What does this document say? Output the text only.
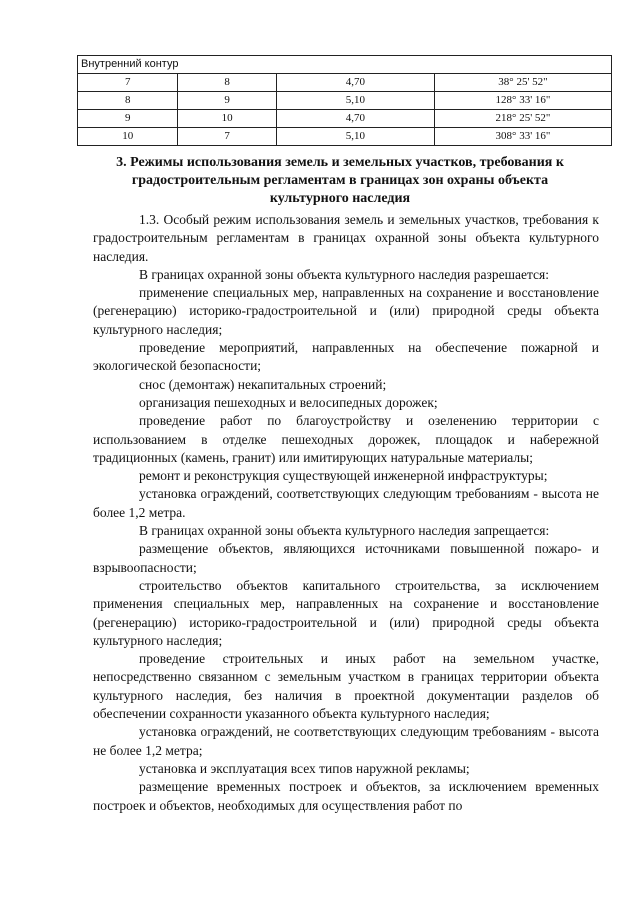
Внутренний контур			
7	8	4,70	38° 25' 52"
8	9	5,10	128° 33' 16"
9	10	4,70	218° 25' 52"
10	7	5,10	308° 33' 16"
3. Режимы использования земель и земельных участков, требования к
градостроительным регламентам в границах зон охраны объекта
культурного наследия

1.3. Особый режим использования земель и земельных участков, требования к градостроительным регламентам в границах охранной зоны объекта культурного наследия.

В границах охранной зоны объекта культурного наследия разрешается:

применение специальных мер, направленных на сохранение и восстановление (регенерацию) историко-градостроительной и (или) природной среды объекта культурного наследия;

проведение мероприятий, направленных на обеспечение пожарной и экологической безопасности;

снос (демонтаж) некапитальных строений;

организация пешеходных и велосипедных дорожек;

проведение работ по благоустройству и озеленению территории с использованием в отделке пешеходных дорожек, площадок и набережной традиционных (камень, гранит) или имитирующих натуральные материалы;

ремонт и реконструкция существующей инженерной инфраструктуры;

установка ограждений, соответствующих следующим требованиям - высота не более 1,2 метра.

В границах охранной зоны объекта культурного наследия запрещается:

размещение объектов, являющихся источниками повышенной пожаро- и взрывоопасности;

строительство объектов капитального строительства, за исключением применения специальных мер, направленных на сохранение и восстановление (регенерацию) историко-градостроительной и (или) природной среды объекта культурного наследия;

проведение строительных и иных работ на земельном участке, непосредственно связанном с земельным участком в границах территории объекта культурного наследия, без наличия в проектной документации разделов об обеспечении сохранности указанного объекта культурного наследия;

установка ограждений, не соответствующих следующим требованиям - высота не более 1,2 метра;

установка и эксплуатация всех типов наружной рекламы;

размещение временных построек и объектов, за исключением временных построек и объектов, необходимых для осуществления работ по
